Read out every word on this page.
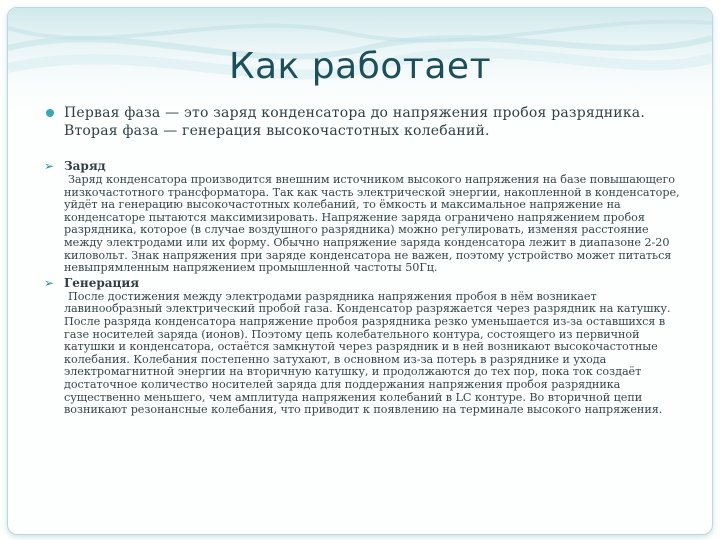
Как работает
Первая фаза — это заряд конденсатора до напряжения пробоя разрядника. Вторая фаза — генерация высокочастотных колебаний.
➢ Заряд
Заряд конденсатора производится внешним источником высокого напряжения на базе повышающего низкочастотного трансформатора. Так как часть электрической энергии, накопленной в конденсаторе, уйдёт на генерацию высокочастотных колебаний, то ёмкость и максимальное напряжение на конденсаторе пытаются максимизировать. Напряжение заряда ограничено напряжением пробоя разрядника, которое (в случае воздушного разрядника) можно регулировать, изменяя расстояние между электродами или их форму. Обычно напряжение заряда конденсатора лежит в диапазоне 2-20 киловольт. Знак напряжения при заряде конденсатора не важен, поэтому устройство может питаться невыпрямленным напряжением промышленной частоты 50Гц.
➢ Генерация
После достижения между электродами разрядника напряжения пробоя в нём возникает лавинообразный электрический пробой газа. Конденсатор разряжается через разрядник на катушку. После разряда конденсатора напряжение пробоя разрядника резко уменьшается из-за оставшихся в газе носителей заряда (ионов). Поэтому цепь колебательного контура, состоящего из первичной катушки и конденсатора, остаётся замкнутой через разрядник и в ней возникают высокочастотные колебания. Колебания постепенно затухают, в основном из-за потерь в разряднике и ухода электромагнитной энергии на вторичную катушку, и продолжаются до тех пор, пока ток создаёт достаточное количество носителей заряда для поддержания напряжения пробоя разрядника существенно меньшего, чем амплитуда напряжения колебаний в LC контуре. Во вторичной цепи возникают резонансные колебания, что приводит к появлению на терминале высокого напряжения.
